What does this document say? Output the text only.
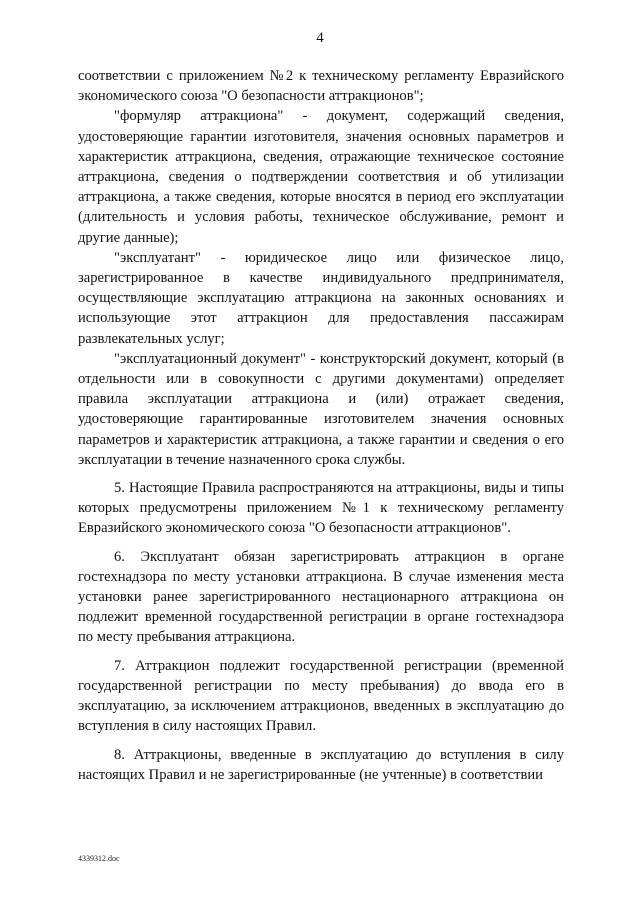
4

соответствии с приложением №2 к техническому регламенту Евразийского экономического союза "О безопасности аттракционов";

"формуляр аттракциона" - документ, содержащий сведения, удостоверяющие гарантии изготовителя, значения основных параметров и характеристик аттракциона, сведения, отражающие техническое состояние аттракциона, сведения о подтверждении соответствия и об утилизации аттракциона, а также сведения, которые вносятся в период его эксплуатации (длительность и условия работы, техническое обслуживание, ремонт и другие данные);

"эксплуатант" - юридическое лицо или физическое лицо, зарегистрированное в качестве индивидуального предпринимателя, осуществляющие эксплуатацию аттракциона на законных основаниях и использующие этот аттракцион для предоставления пассажирам развлекательных услуг;

"эксплуатационный документ" - конструкторский документ, который (в отдельности или в совокупности с другими документами) определяет правила эксплуатации аттракциона и (или) отражает сведения, удостоверяющие гарантированные изготовителем значения основных параметров и характеристик аттракциона, а также гарантии и сведения о его эксплуатации в течение назначенного срока службы.

5. Настоящие Правила распространяются на аттракционы, виды и типы которых предусмотрены приложением №1 к техническому регламенту Евразийского экономического союза "О безопасности аттракционов".

6. Эксплуатант обязан зарегистрировать аттракцион в органе гостехнадзора по месту установки аттракциона. В случае изменения места установки ранее зарегистрированного нестационарного аттракциона он подлежит временной государственной регистрации в органе гостехнадзора по месту пребывания аттракциона.

7. Аттракцион подлежит государственной регистрации (временной государственной регистрации по месту пребывания) до ввода его в эксплуатацию, за исключением аттракционов, введенных в эксплуатацию до вступления в силу настоящих Правил.

8. Аттракционы, введенные в эксплуатацию до вступления в силу настоящих Правил и не зарегистрированные (не учтенные) в соответствии

4339312.doc
